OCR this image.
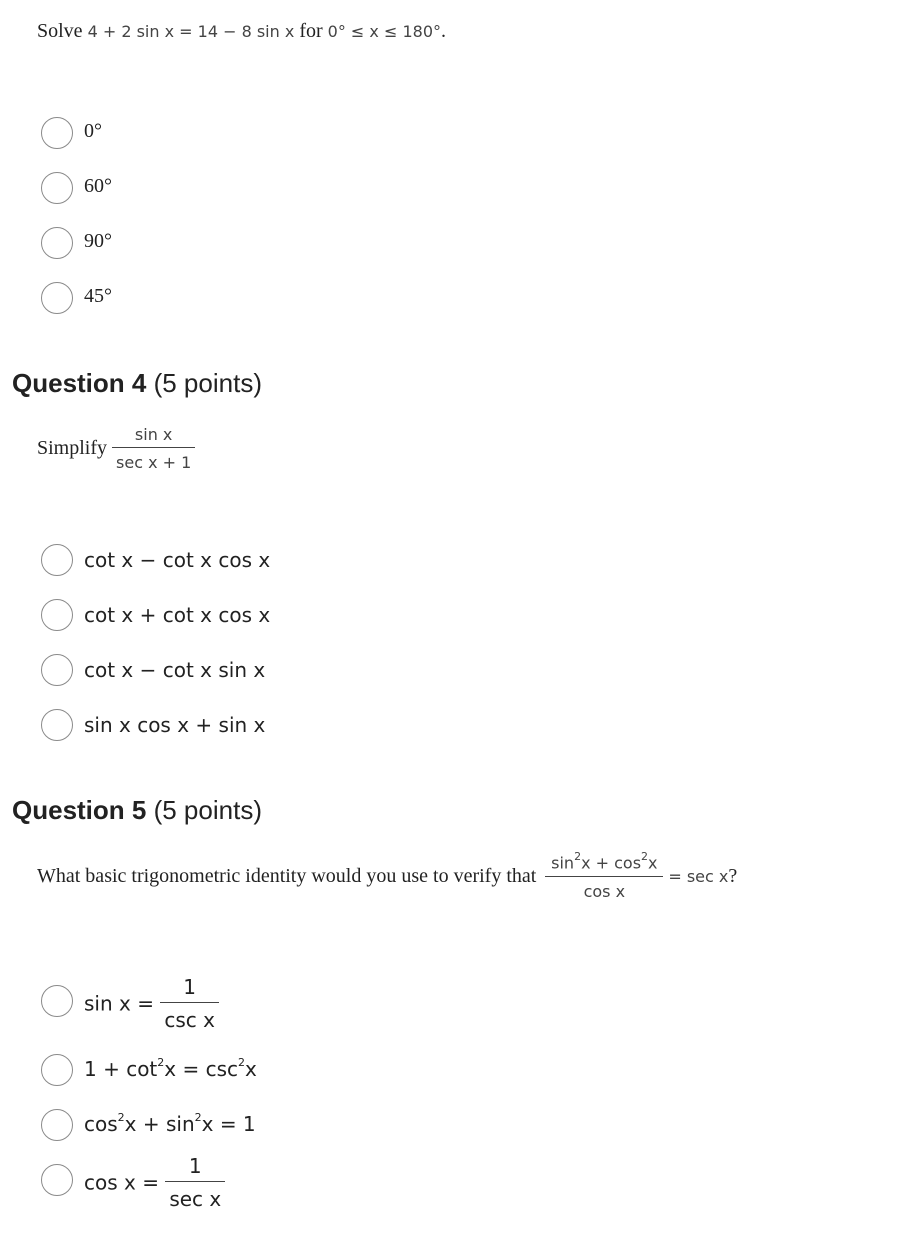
Solve 4 + 2 sin x = 14 − 8 sin x for 0° ≤ x ≤ 180°.
0°
60°
90°
45°
Question 4 (5 points)
Simplify $\frac{\text{sin x}}{\text{sec x + 1}}$
cot x − cot x cos x
cot x + cot x cos x
cot x − cot x sin x
sin x cos x + sin x
Question 5 (5 points)
What basic trigonometric identity would you use to verify that $\frac{\sin^2x + \cos^2x}{\text{cos x}} = \sec x$?
$\sin x = \frac{1}{\text{csc x}}$
$1 + \cot^2x = \csc^2x$
$\cos^2x + \sin^2x = 1$
$\cos x = \frac{1}{\text{sec x}}$
